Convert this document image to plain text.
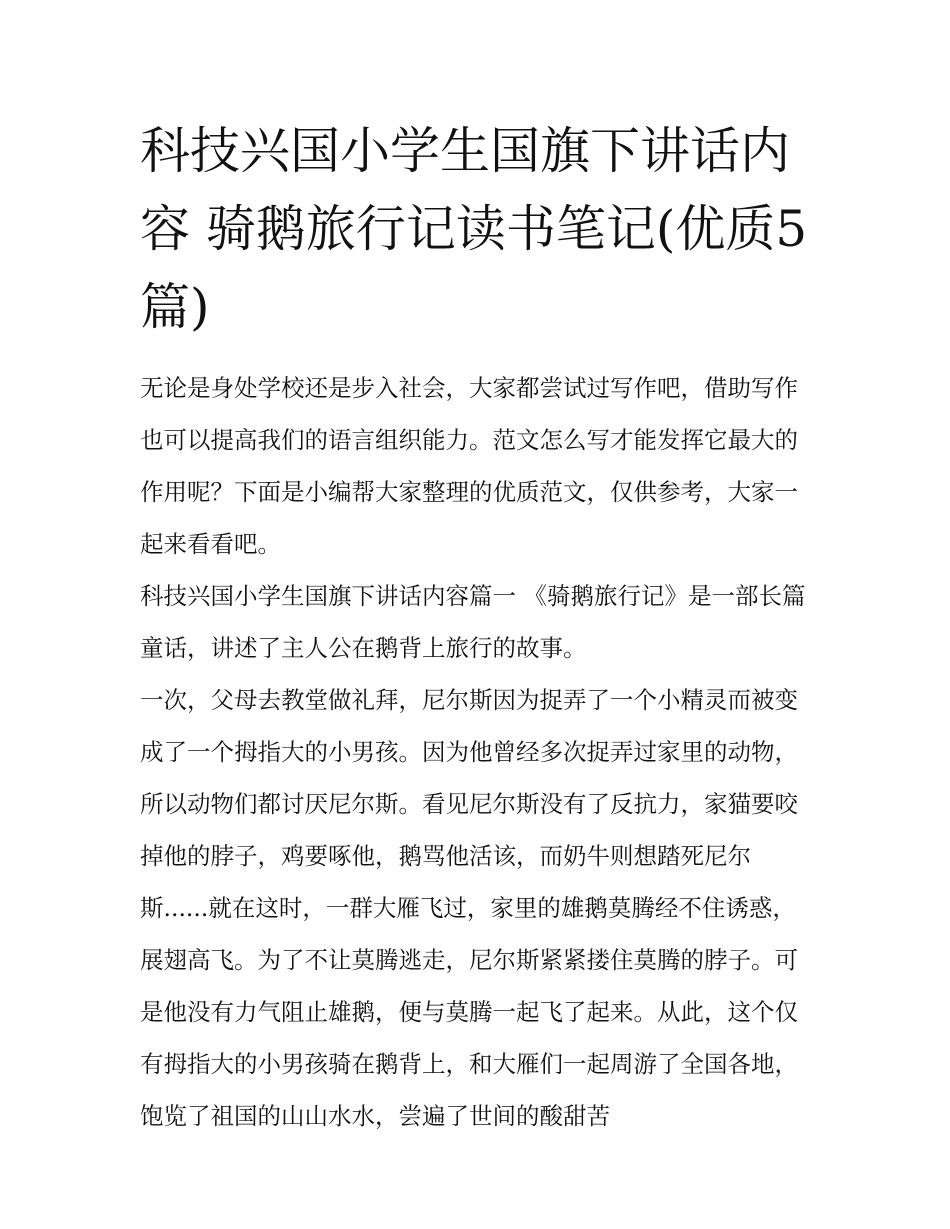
科技兴国小学生国旗下讲话内容 骑鹅旅行记读书笔记(优质5篇)

无论是身处学校还是步入社会，大家都尝试过写作吧，借助写作也可以提高我们的语言组织能力。范文怎么写才能发挥它最大的作用呢？下面是小编帮大家整理的优质范文，仅供参考，大家一起来看看吧。

科技兴国小学生国旗下讲话内容篇一 《骑鹅旅行记》是一部长篇童话，讲述了主人公在鹅背上旅行的故事。

一次，父母去教堂做礼拜，尼尔斯因为捉弄了一个小精灵而被变成了一个拇指大的小男孩。因为他曾经多次捉弄过家里的动物，所以动物们都讨厌尼尔斯。看见尼尔斯没有了反抗力，家猫要咬掉他的脖子，鸡要啄他，鹅骂他活该，而奶牛则想踏死尼尔斯......就在这时，一群大雁飞过，家里的雄鹅莫腾经不住诱惑，展翅高飞。为了不让莫腾逃走，尼尔斯紧紧搂住莫腾的脖子。可是他没有力气阻止雄鹅，便与莫腾一起飞了起来。从此，这个仅有拇指大的小男孩骑在鹅背上，和大雁们一起周游了全国各地，饱览了祖国的山山水水，尝遍了世间的酸甜苦
